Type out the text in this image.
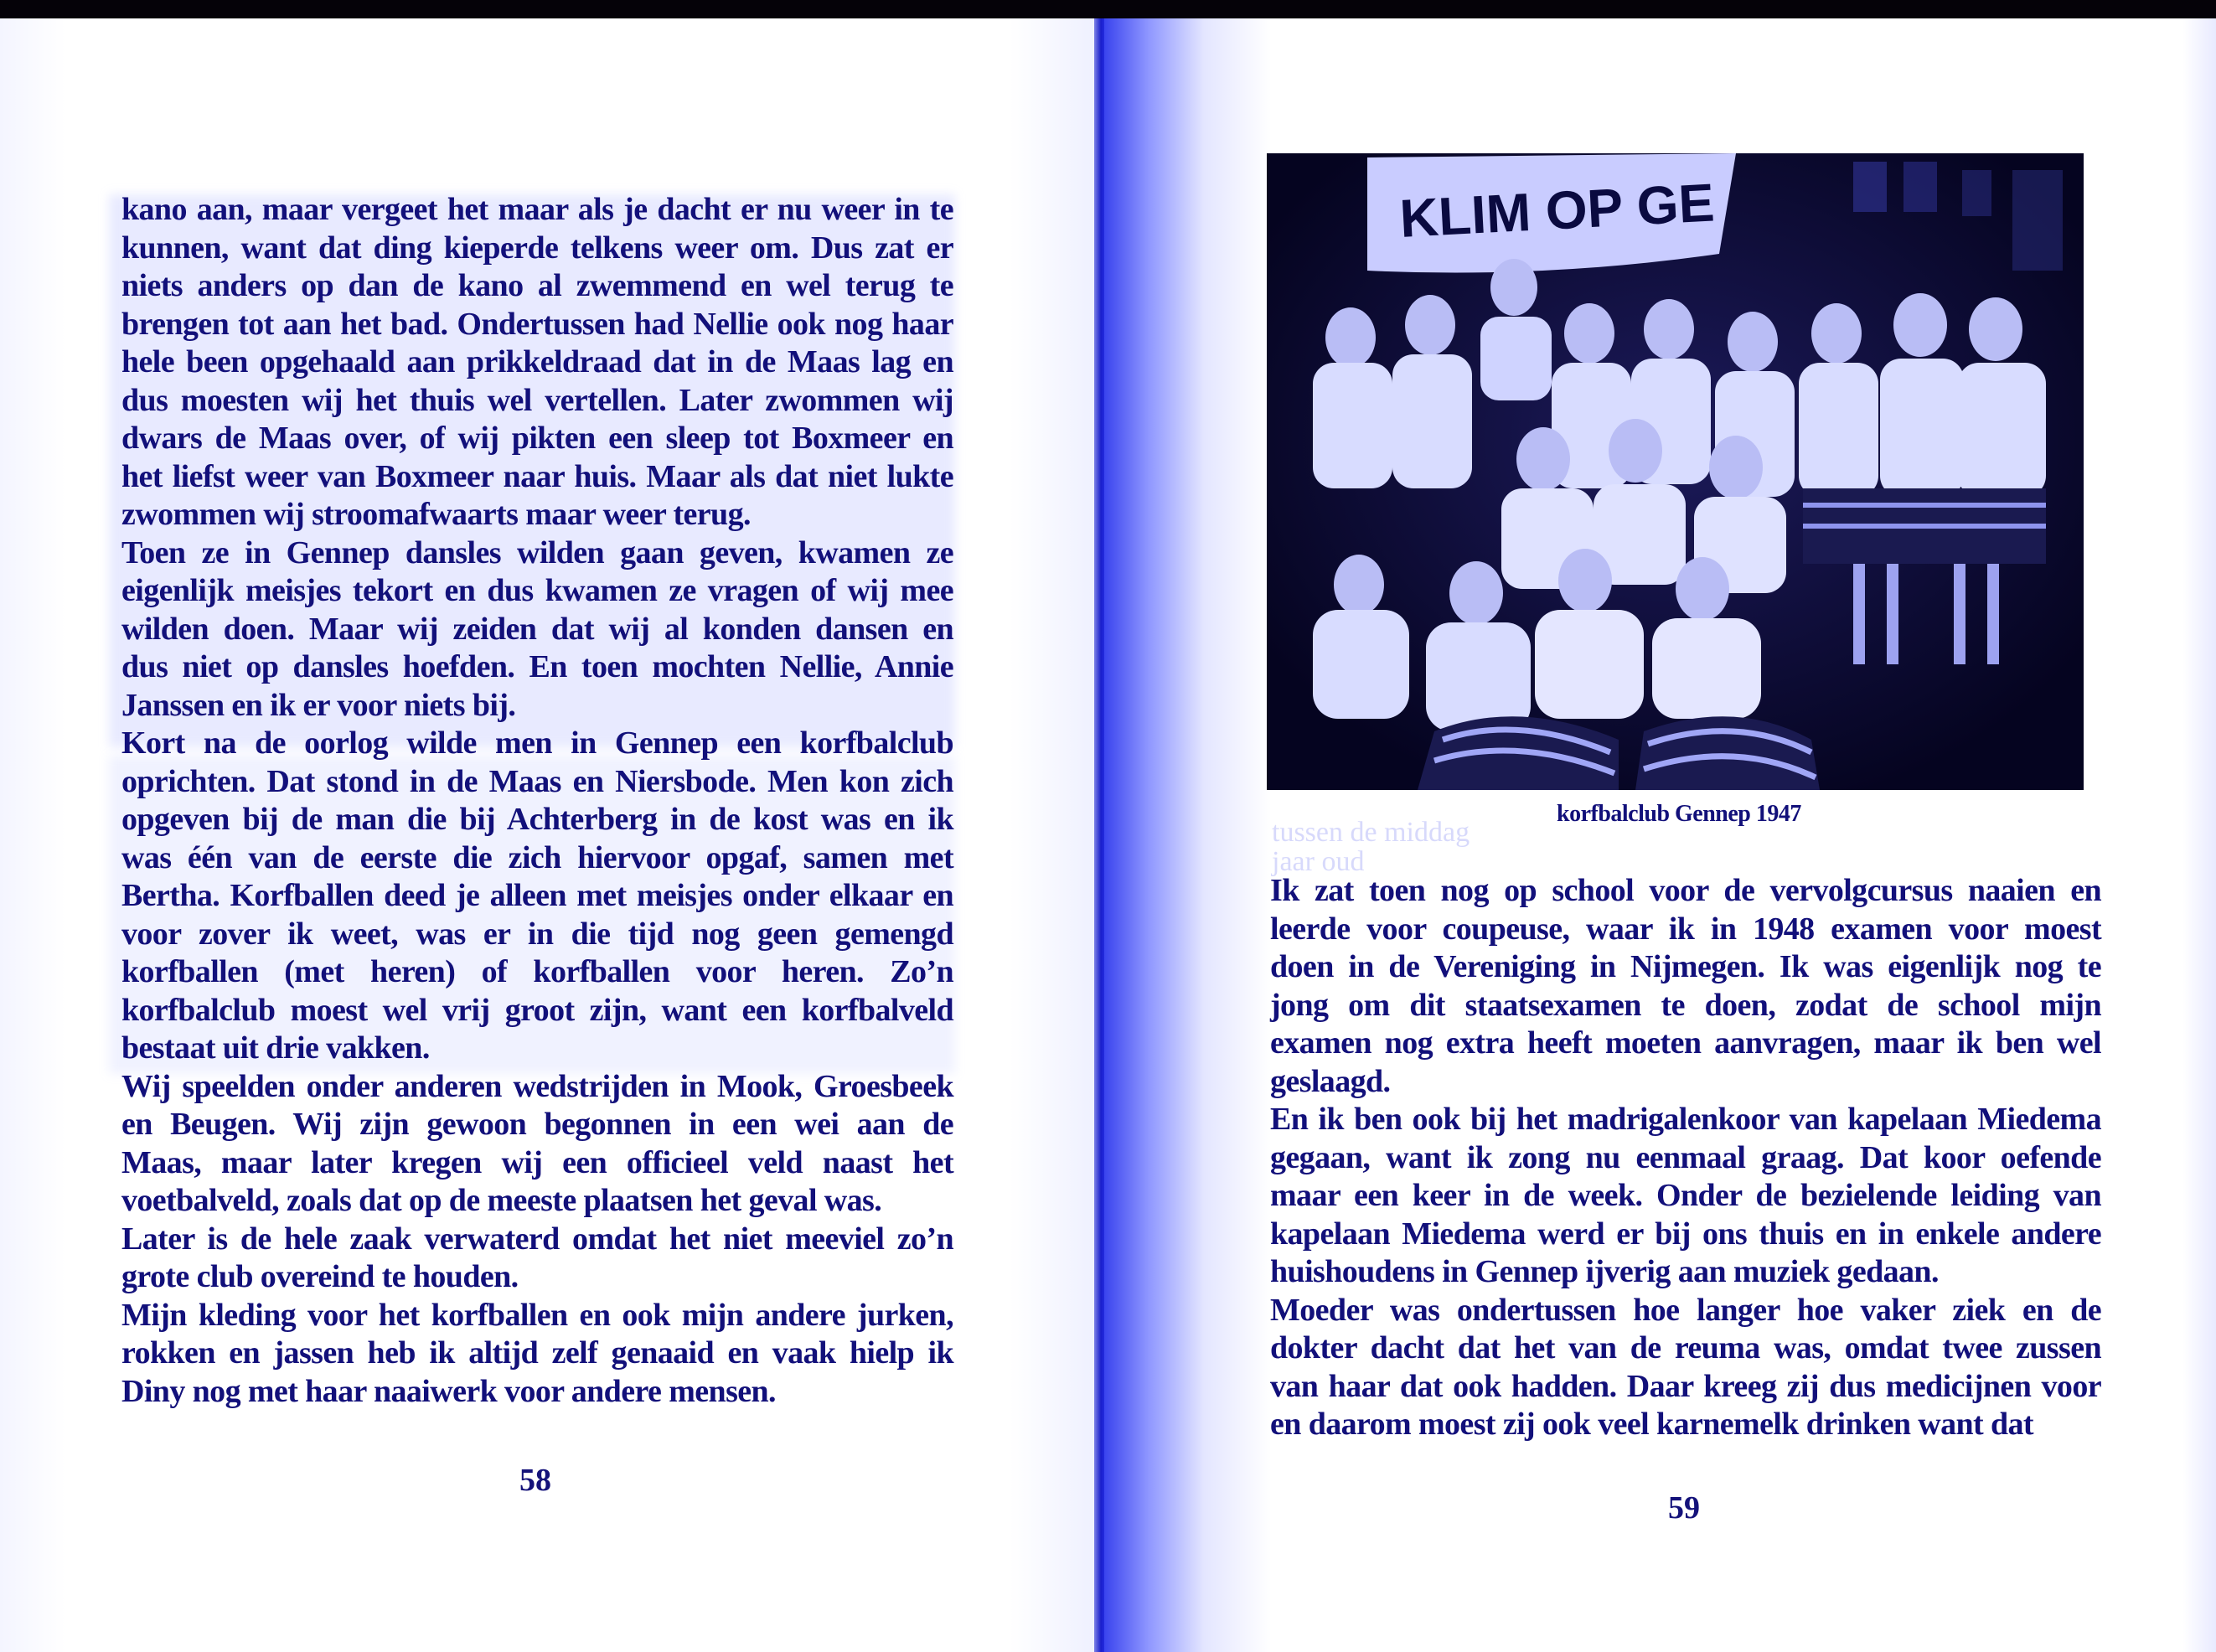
kano aan, maar vergeet het maar als je dacht er nu weer in te
kunnen, want dat ding kieperde telkens weer om. Dus zat er
niets anders op dan de kano al zwemmend en wel terug te
brengen tot aan het bad. Ondertussen had Nellie ook nog haar
hele been opgehaald aan prikkeldraad dat in de Maas lag en
dus moesten wij het thuis wel vertellen. Later zwommen wij
dwars de Maas over, of wij pikten een sleep tot Boxmeer en
het liefst weer van Boxmeer naar huis. Maar als dat niet lukte
zwommen wij stroomafwaarts maar weer terug.

Toen ze in Gennep dansles wilden gaan geven, kwamen ze
eigenlijk meisjes tekort en dus kwamen ze vragen of wij mee
wilden doen. Maar wij zeiden dat wij al konden dansen en
dus niet op dansles hoefden. En toen mochten Nellie, Annie
Janssen en ik er voor niets bij.

Kort na de oorlog wilde men in Gennep een korfbalclub
oprichten. Dat stond in de Maas en Niersbode. Men kon zich
opgeven bij de man die bij Achterberg in de kost was en ik
was één van de eerste die zich hiervoor opgaf, samen met
Bertha. Korfballen deed je alleen met meisjes onder elkaar en
voor zover ik weet, was er in die tijd nog geen gemengd
korfballen (met heren) of korfballen voor heren. Zo’n
korfbalclub moest wel vrij groot zijn, want een korfbalveld
bestaat uit drie vakken.

Wij speelden onder anderen wedstrijden in Mook, Groesbeek
en Beugen. Wij zijn gewoon begonnen in een wei aan de
Maas, maar later kregen wij een officieel veld naast het
voetbalveld, zoals dat op de meeste plaatsen het geval was.

Later is de hele zaak verwaterd omdat het niet meeviel zo’n
grote club overeind te houden.

Mijn kleding voor het korfballen en ook mijn andere jurken,
rokken en jassen heb ik altijd zelf genaaid en vaak hielp ik
Diny nog met haar naaiwerk voor andere mensen.

58
KLIM OP GE
korfbalclub Gennep 1947
tussen de middag
jaar oud

Ik zat toen nog op school voor de vervolgcursus naaien en
leerde voor coupeuse, waar ik in 1948 examen voor moest
doen in de Vereniging in Nijmegen. Ik was eigenlijk nog te
jong om dit staatsexamen te doen, zodat de school mijn
examen nog extra heeft moeten aanvragen, maar ik ben wel
geslaagd.

En ik ben ook bij het madrigalenkoor van kapelaan Miedema
gegaan, want ik zong nu eenmaal graag. Dat koor oefende
maar een keer in de week. Onder de bezielende leiding van
kapelaan Miedema werd er bij ons thuis en in enkele andere
huishoudens in Gennep ijverig aan muziek gedaan.

Moeder was ondertussen hoe langer hoe vaker ziek en de
dokter dacht dat het van de reuma was, omdat twee zussen
van haar dat ook hadden. Daar kreeg zij dus medicijnen voor
en daarom moest zij ook veel karnemelk drinken want dat

59
